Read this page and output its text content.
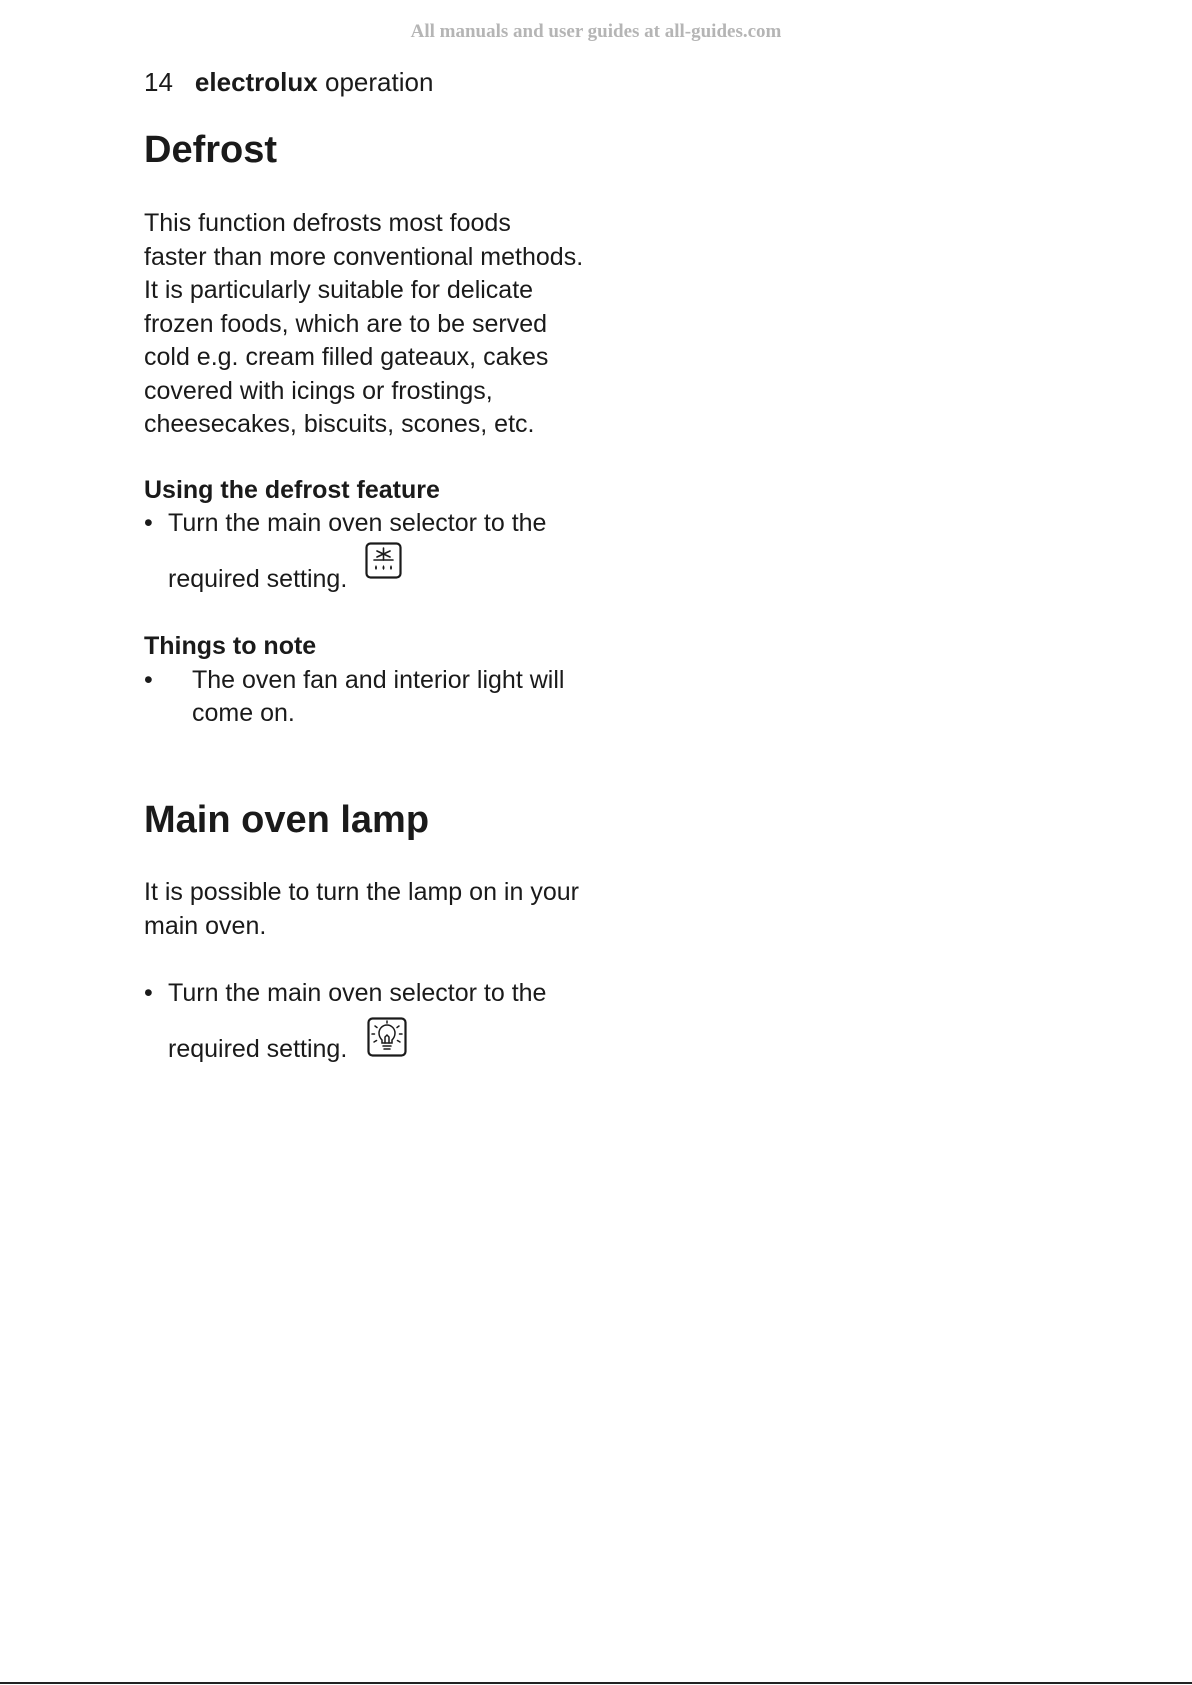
All manuals and user guides at all-guides.com
14 electrolux operation
Defrost

This function defrosts most foods
faster than more conventional methods.
It is particularly suitable for delicate
frozen foods, which are to be served
cold e.g. cream filled gateaux, cakes
covered with icings or frostings,
cheesecakes, biscuits, scones, etc.

Using the defrost feature
• Turn the main oven selector to the
required setting.
Things to note
• The oven fan and interior light will
come on.
Main oven lamp

It is possible to turn the lamp on in your
main oven.

• Turn the main oven selector to the
required setting.
